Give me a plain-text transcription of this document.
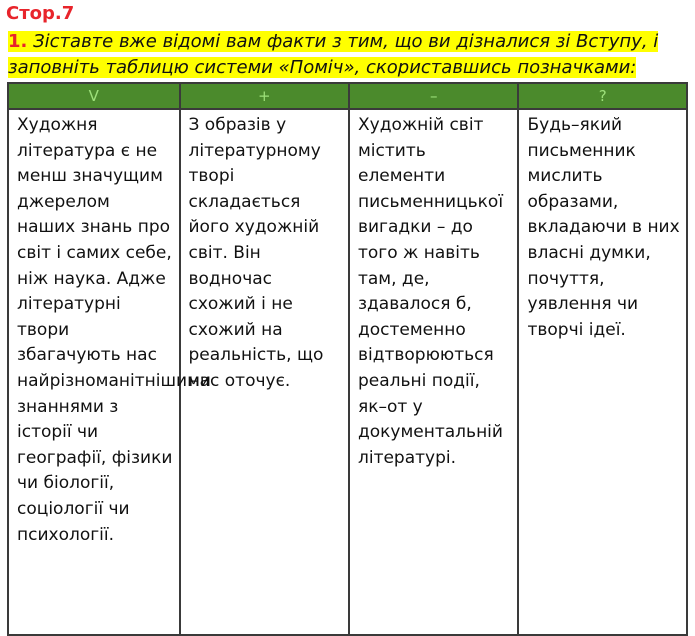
Стор.7

1. Зіставте вже відомі вам факти з тим, що ви дізналися зі Вступу, і
заповніть таблицю системи «Поміч», скориставшись позначками:
V	+	–	?

Художня література є не менш значущим джерелом наших знань про світ і самих себе, ніж наука. Адже літературні твори збагачують нас найрізноманітнішими знаннями з історії чи географії, фізики чи біології, соціології чи психології.	З образів у літературному творі складається його художній світ. Він водночас схожий і не схожий на реальність, що нас оточує.	Художній світ містить елементи письменницької вигадки – до того ж навіть там, де, здавалося б, достеменно відтворюються реальні події, як–от у документальній літературі.	Будь–який письменник мислить образами, вкладаючи в них власні думки, почуття, уявлення чи творчі ідеї.
